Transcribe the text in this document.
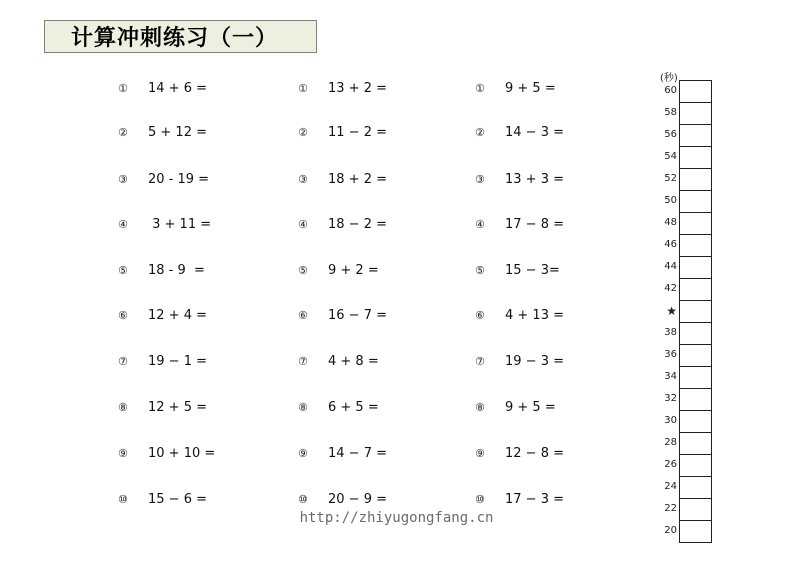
计算冲刺练习（一）
①	14 + 6 =
②	5 + 12 =
③	20 - 19 =
④	3 + 11 =
⑤	18 - 9  =
⑥	12 + 4 =
⑦	19 − 1 =
⑧	12 + 5 =
⑨	10 + 10 =
⑩	15 − 6 =
①	13 + 2 =
②	11 − 2 =
③	18 + 2 =
④	18 − 2 =
⑤	9 + 2 =
⑥	16 − 7 =
⑦	4 + 8 =
⑧	6 + 5 =
⑨	14 − 7 =
⑩	20 − 9 =
①	9 + 5 =
②	14 − 3 =
③	13 + 3 =
④	17 − 8 =
⑤	15 − 3=
⑥	4 + 13 =
⑦	19 − 3 =
⑧	9 + 5 =
⑨	12 − 8 =
⑩	17 − 3 =
http://zhiyugongfang.cn
(秒)
60
58
56
54
52
50
48
46
44
42
★
38
36
34
32
30
28
26
24
22
20
